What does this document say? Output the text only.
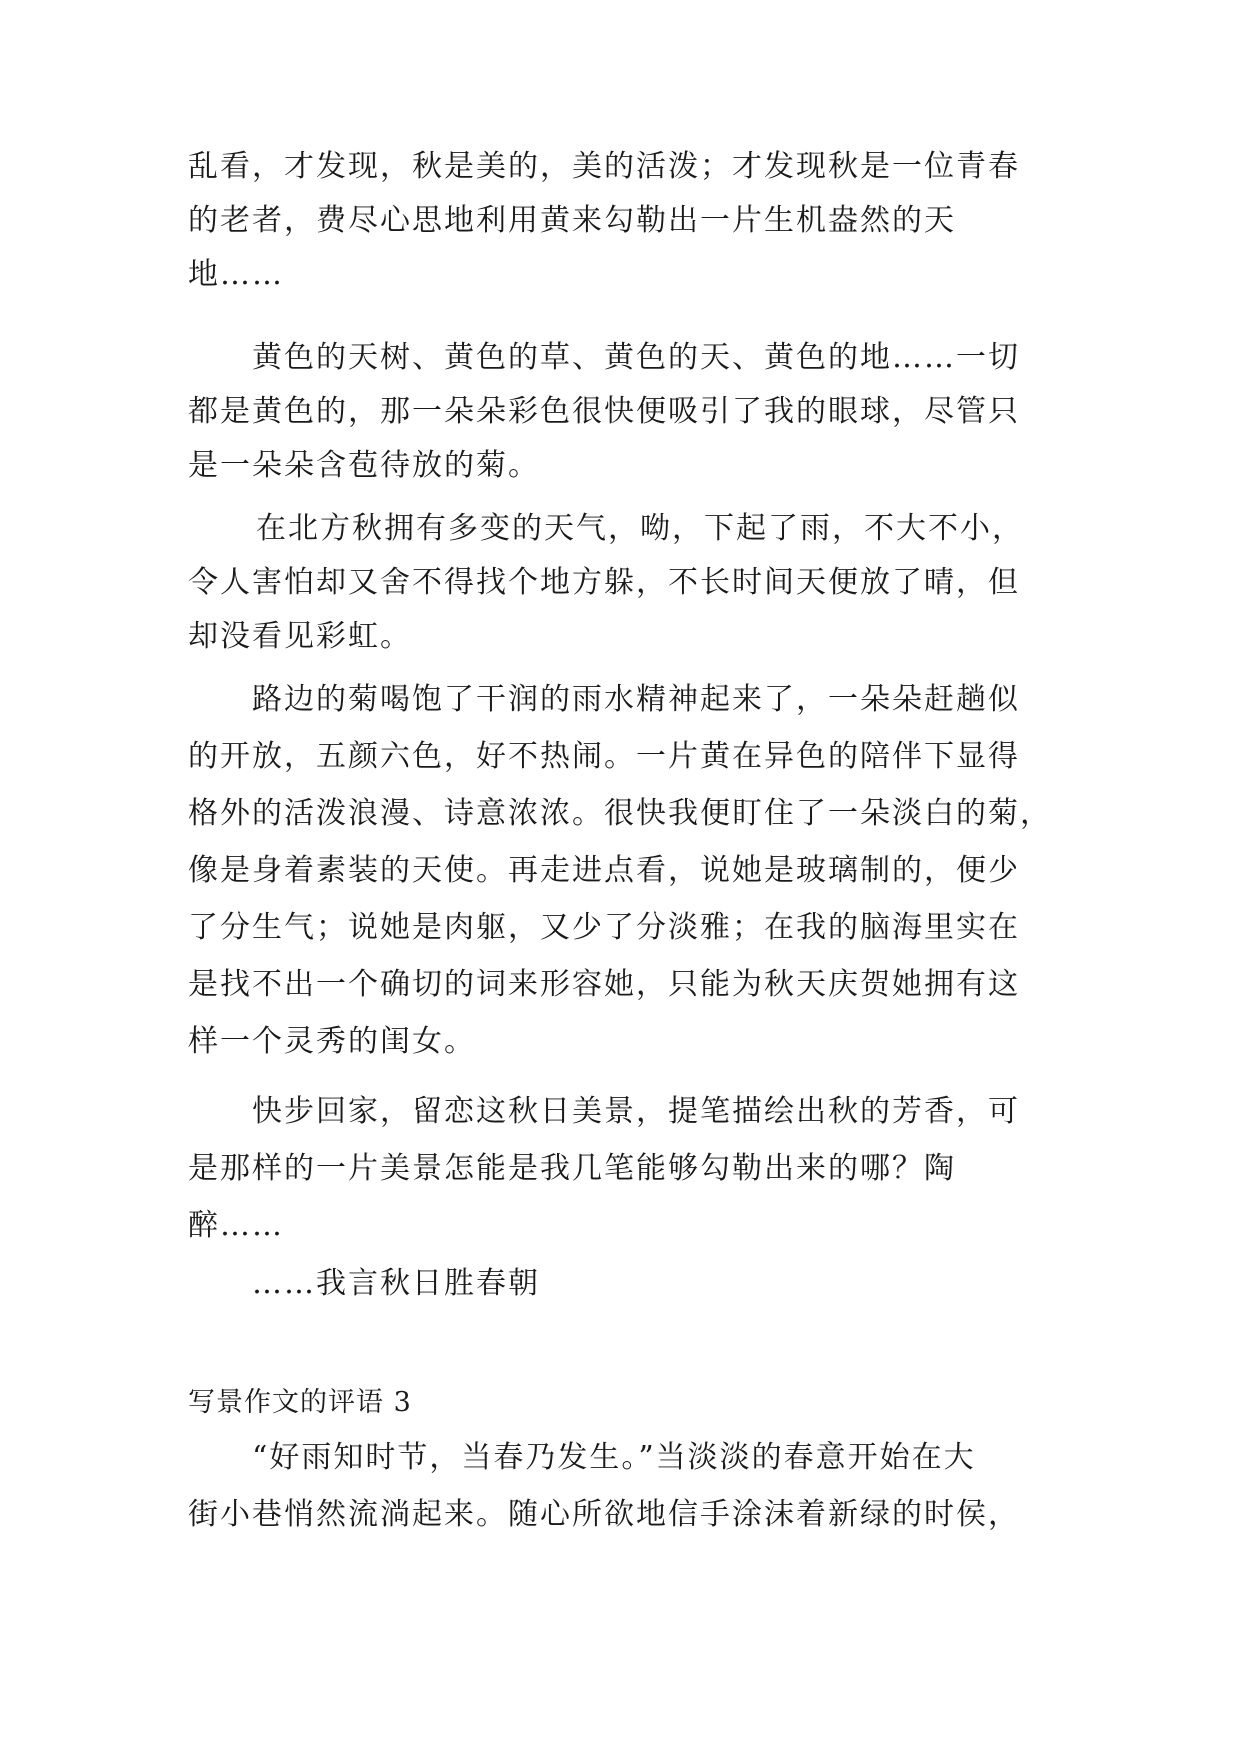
乱看，才发现，秋是美的，美的活泼；才发现秋是一位青春
的老者，费尽心思地利用黄来勾勒出一片生机盎然的天
地……
黄色的天树、黄色的草、黄色的天、黄色的地……一切
都是黄色的，那一朵朵彩色很快便吸引了我的眼球，尽管只
是一朵朵含苞待放的菊。
在北方秋拥有多变的天气，呦，下起了雨，不大不小，
令人害怕却又舍不得找个地方躲，不长时间天便放了晴，但
却没看见彩虹。
路边的菊喝饱了干润的雨水精神起来了，一朵朵赶趟似
的开放，五颜六色，好不热闹。一片黄在异色的陪伴下显得
格外的活泼浪漫、诗意浓浓。很快我便盯住了一朵淡白的菊，
像是身着素装的天使。再走进点看，说她是玻璃制的，便少
了分生气；说她是肉躯，又少了分淡雅；在我的脑海里实在
是找不出一个确切的词来形容她，只能为秋天庆贺她拥有这
样一个灵秀的闺女。
快步回家，留恋这秋日美景，提笔描绘出秋的芳香，可
是那样的一片美景怎能是我几笔能够勾勒出来的哪？陶
醉……
……我言秋日胜春朝
写景作文的评语 3
“好雨知时节，当春乃发生。”当淡淡的春意开始在大
街小巷悄然流淌起来。随心所欲地信手涂沫着新绿的时侯，
